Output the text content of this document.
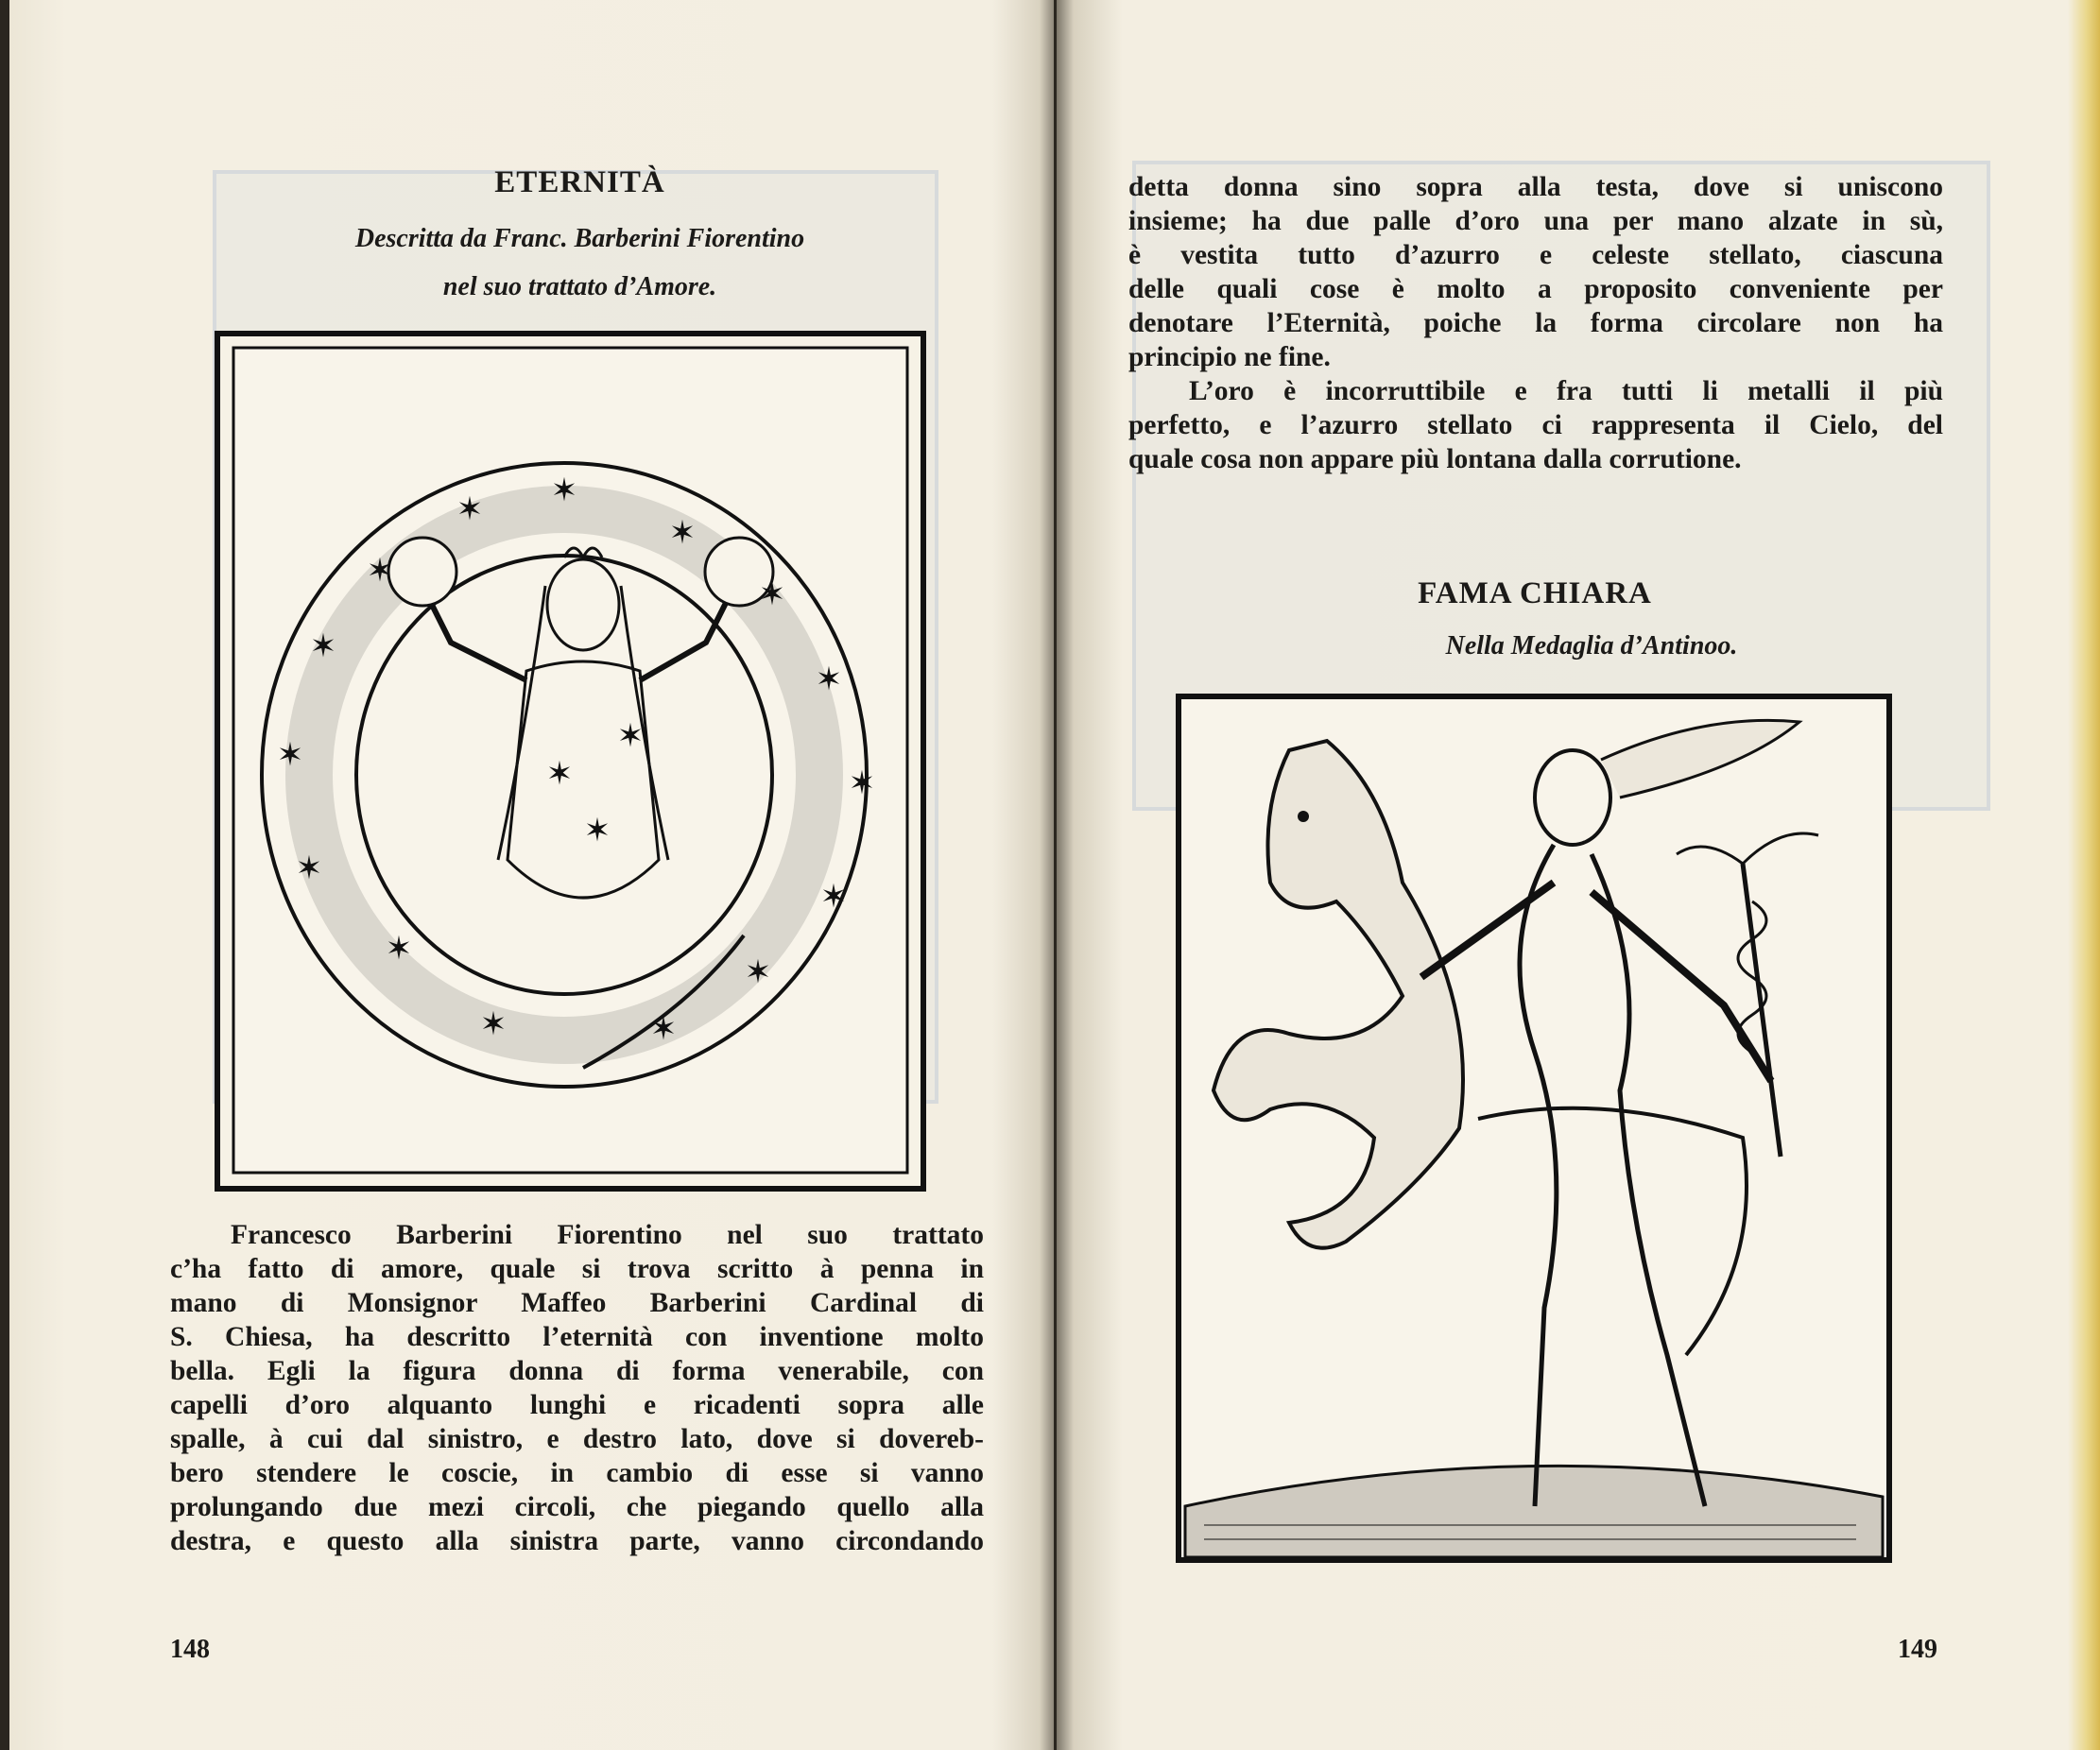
ETERNITÀ
Descritta da Franc. Barberini Fiorentino
nel suo trattato d’Amore.
✶
✶
✶
✶
✶
✶
✶
✶
✶
✶
✶
✶
✶
✶
✶
✶
✶
✶

Francesco Barberini Fiorentino nel suo trattato

c’ha fatto di amore, quale si trova scritto à penna in

mano di Monsignor Maffeo Barberini Cardinal di

S. Chiesa, ha descritto l’eternità con inventione molto

bella. Egli la figura donna di forma venerabile, con

capelli d’oro alquanto lunghi e ricadenti sopra alle

spalle, à cui dal sinistro, e destro lato, dove si dovereb-

bero stendere le coscie, in cambio di esse si vanno

prolungando due mezi circoli, che piegando quello alla

destra, e questo alla sinistra parte, vanno circondando

148

detta donna sino sopra alla testa, dove si uniscono

insieme; ha due palle d’oro una per mano alzate in sù,

è vestita tutto d’azurro e celeste stellato, ciascuna

delle quali cose è molto a proposito conveniente per

denotare l’Eternità, poiche la forma circolare non ha

principio ne fine.

L’oro è incorruttibile e fra tutti li metalli il più

perfetto, e l’azurro stellato ci rappresenta il Cielo, del

quale cosa non appare più lontana dalla corrutione.

FAMA CHIARA
Nella Medaglia d’Antinoo.
149
